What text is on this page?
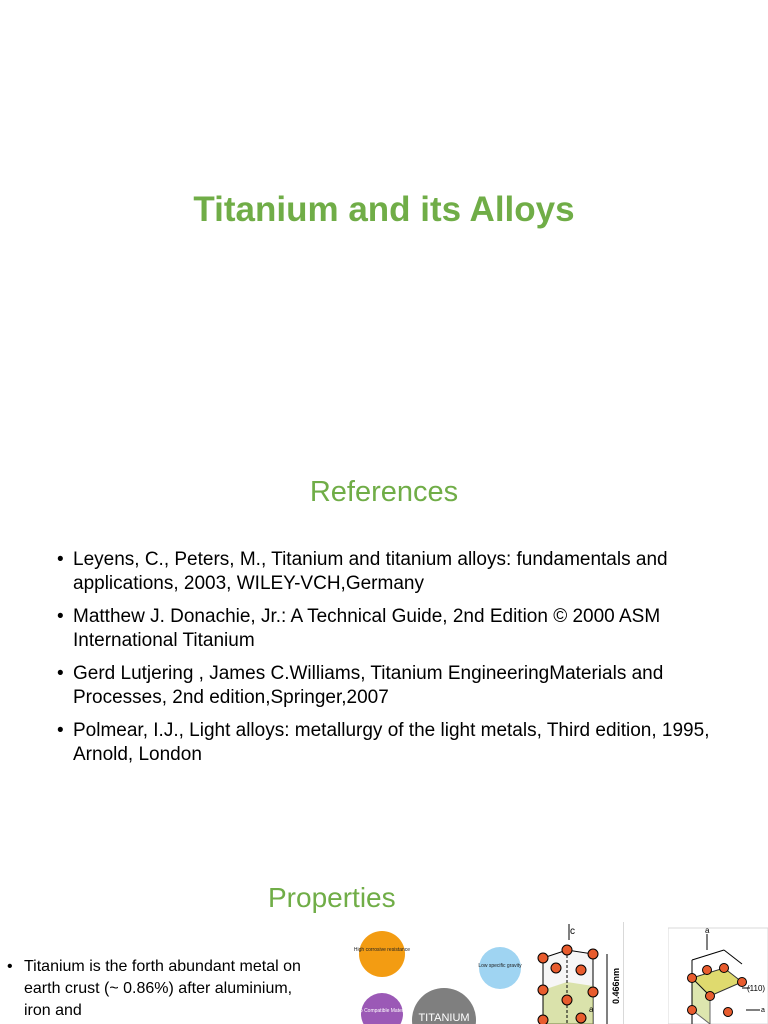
Titanium and its Alloys
References
• Leyens, C., Peters, M., Titanium and titanium alloys: fundamentals and applications, 2003, WILEY-VCH,Germany
• Matthew J. Donachie, Jr.: A Technical Guide, 2nd Edition © 2000 ASM International Titanium
• Gerd Lutjering , James C.Williams, Titanium EngineeringMaterials and Processes, 2nd edition,Springer,2007
• Polmear, I.J., Light alloys: metallurgy of the light metals, Third edition, 1995, Arnold, London
Properties
• Titanium is the forth abundant metal on earth crust (~ 0.86%) after aluminium, iron and
High corrosive resistance
Low specific gravity
Bio Compatible Material
TITANIUM
c
0.466nm
a
a
(110)
a
